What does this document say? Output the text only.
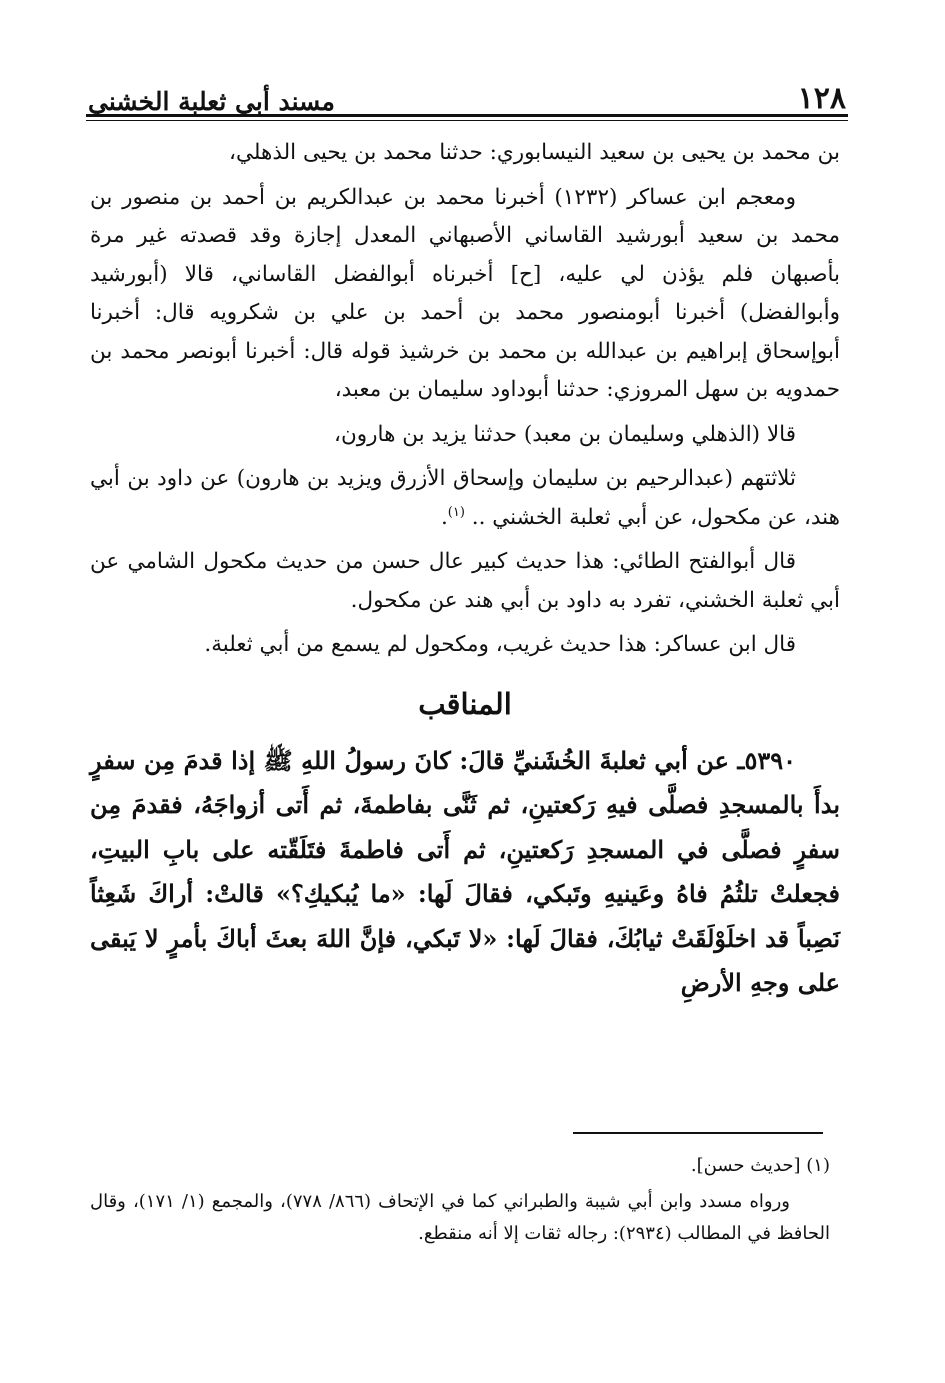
١٢٨
مسند أبي ثعلبة الخشني

بن محمد بن يحيى بن سعيد النيسابوري: حدثنا محمد بن يحيى الذهلي،

ومعجم ابن عساكر (١٢٣٢) أخبرنا محمد بن عبدالكريم بن أحمد بن منصور بن محمد بن سعيد أبورشيد القاساني الأصبهاني المعدل إجازة وقد قصدته غير مرة بأصبهان فلم يؤذن لي عليه، [ح] أخبرناه أبوالفضل القاساني، قالا (أبورشيد وأبوالفضل) أخبرنا أبومنصور محمد بن أحمد بن علي بن شكرويه قال: أخبرنا أبوإسحاق إبراهيم بن عبدالله بن محمد بن خرشيذ قوله قال: أخبرنا أبونصر محمد بن حمدويه بن سهل المروزي: حدثنا أبوداود سليمان بن معبد،

قالا (الذهلي وسليمان بن معبد) حدثنا يزيد بن هارون،

ثلاثتهم (عبدالرحيم بن سليمان وإسحاق الأزرق ويزيد بن هارون) عن داود بن أبي هند، عن مكحول، عن أبي ثعلبة الخشني .. $^{(١)}$.

قال أبوالفتح الطائي: هذا حديث كبير عال حسن من حديث مكحول الشامي عن أبي ثعلبة الخشني، تفرد به داود بن أبي هند عن مكحول.

قال ابن عساكر: هذا حديث غريب، ومكحول لم يسمع من أبي ثعلبة.

المناقب

٥٣٩٠ـ عن أبي ثعلبةَ الخُشَنيِّ قالَ: كانَ رسولُ اللهِ ﷺ إذا قدمَ مِن سفرٍ بدأَ بالمسجدِ فصلَّى فيهِ رَكعتينِ، ثم ثَنَّى بفاطمةَ، ثم أَتى أزواجَهُ، فقدمَ مِن سفرٍ فصلَّى في المسجدِ رَكعتينِ، ثم أَتى فاطمةَ فتَلَقّته على بابِ البيتِ، فجعلتْ تلثُمُ فاهُ وعَينيهِ وتَبكي، فقالَ لَها: «ما يُبكيكِ؟» قالتْ: أراكَ شَعِثاً نَصِباً قد اخلَوْلَقَتْ ثيابُكَ، فقالَ لَها: «لا تَبكي، فإنَّ اللهَ بعثَ أباكَ بأمرٍ لا يَبقى على وجهِ الأرضِ

(١) [حديث حسن].

ورواه مسدد وابن أبي شيبة والطبراني كما في الإتحاف (٨٦٦/ ٧٧٨)، والمجمع (١/ ١٧١)، وقال الحافظ في المطالب (٢٩٣٤): رجاله ثقات إلا أنه منقطع.
